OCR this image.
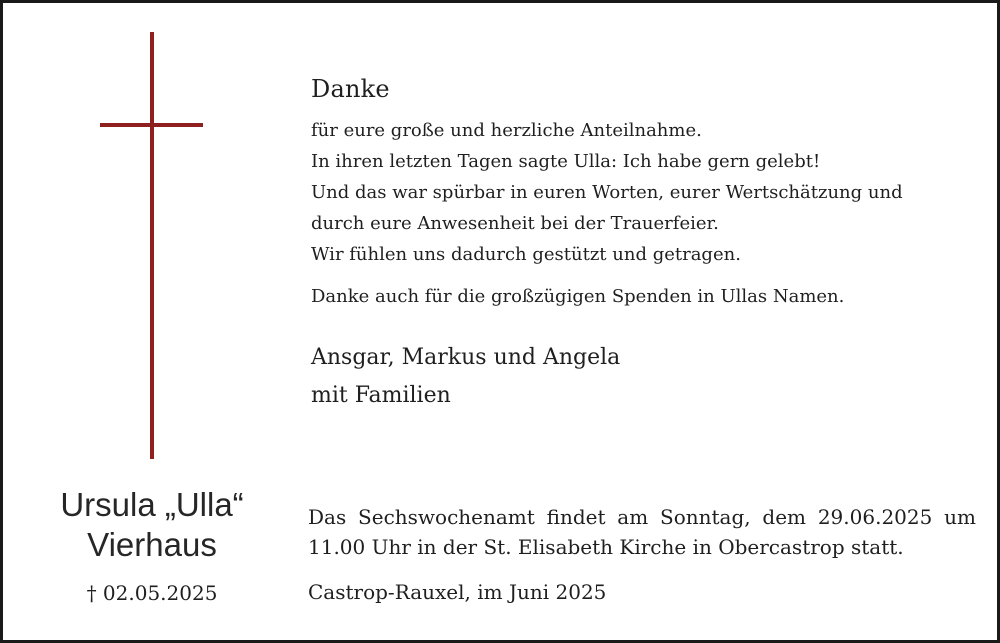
Danke
für eure große und herzliche Anteilnahme.
In ihren letzten Tagen sagte Ulla: Ich habe gern gelebt!
Und das war spürbar in euren Worten, eurer Wertschätzung und
durch eure Anwesenheit bei der Trauerfeier.
Wir fühlen uns dadurch gestützt und getragen.
Danke auch für die großzügigen Spenden in Ullas Namen.
Ansgar, Markus und Angela
mit Familien
Ursula „Ulla“
Vierhaus
† 02.05.2025
Das Sechswochenamt findet am Sonntag, dem 29.06.2025 um 11.00 Uhr in der St. Elisabeth Kirche in Obercastrop statt.
Castrop-Rauxel, im Juni 2025
